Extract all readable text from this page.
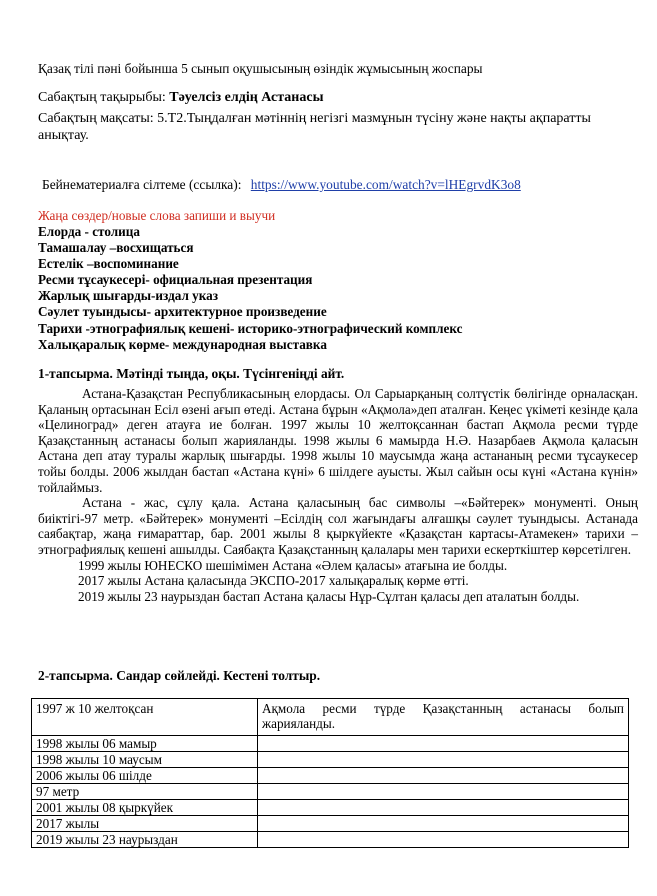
Қазақ тілі пәні бойынша 5 сынып оқушысының өзіндік жұмысының жоспары
Сабақтың тақырыбы: Тәуелсіз елдің Астанасы
Сабақтың мақсаты: 5.Т2.Тыңдалған мәтіннің негізгі мазмұнын түсіну және нақты ақпаратты анықтау.
Бейнематериалға сілтеме (ссылка): https://www.youtube.com/watch?v=lHEgrvdK3o8
Жаңа сөздер/новые слова запиши и выучи
Елорда - столица
Тамашалау –восхищаться
Естелік –воспоминание
Ресми тұсаукесері- официальная презентация
Жарлық шығарды-издал указ
Сәулет туындысы- архитектурное произведение
Тарихи -этнографиялық кешені- историко-этнографический комплекс
Халықаралық көрме- международная выставка
1-тапсырма. Мәтінді тыңда, оқы. Түсінгеніңді айт.

Астана-Қазақстан Республикасының елордасы. Ол Сарыарқаның солтүстік бөлігінде орналасқан. Қаланың ортасынан Есіл өзені ағып өтеді. Астана бұрын «Ақмола»деп аталған. Кеңес үкіметі кезінде қала «Целиноград» деген атауға ие болған. 1997 жылы 10 желтоқсаннан бастап Ақмола ресми түрде Қазақстанның астанасы болып жарияланды. 1998 жылы 6 мамырда Н.Ә. Назарбаев Ақмола қаласын Астана деп атау туралы жарлық шығарды. 1998 жылы 10 маусымда жаңа астананың ресми тұсаукесер тойы болды. 2006 жылдан бастап «Астана күні» 6 шілдеге ауысты. Жыл сайын осы күні «Астана күнін» тойлаймыз.

Астана - жас, сұлу қала. Астана қаласының бас символы –«Бәйтерек» монументі. Оның биіктігі-97 метр. «Бәйтерек» монументі –Есілдің сол жағындағы алғашқы сәулет туындысы. Астанада саябақтар, жаңа ғимараттар, бар. 2001 жылы 8 қыркүйекте «Қазақстан картасы-Атамекен» тарихи –этнографиялық кешені ашылды. Саябақта Қазақстанның қалалары мен тарихи ескерткіштер көрсетілген.

1999 жылы ЮНЕСКО шешімімен Астана «Әлем қаласы» атағына ие болды.

2017 жылы Астана қаласында ЭКСПО-2017 халықаралық көрме өтті.

2019 жылы 23 наурыздан бастап Астана қаласы Нұр-Сұлтан қаласы деп аталатын болды.

2-тапсырма. Сандар сөйлейді. Кестені толтыр.
1997 ж 10 желтоқсан	Ақмола ресми түрде Қазақстанның астанасы болып жарияланды.
1998 жылы 06 мамыр	
1998 жылы 10 маусым	
2006 жылы 06 шілде	
97 метр	
2001 жылы 08 қыркүйек	
2017 жылы	
2019 жылы 23 наурыздан	
